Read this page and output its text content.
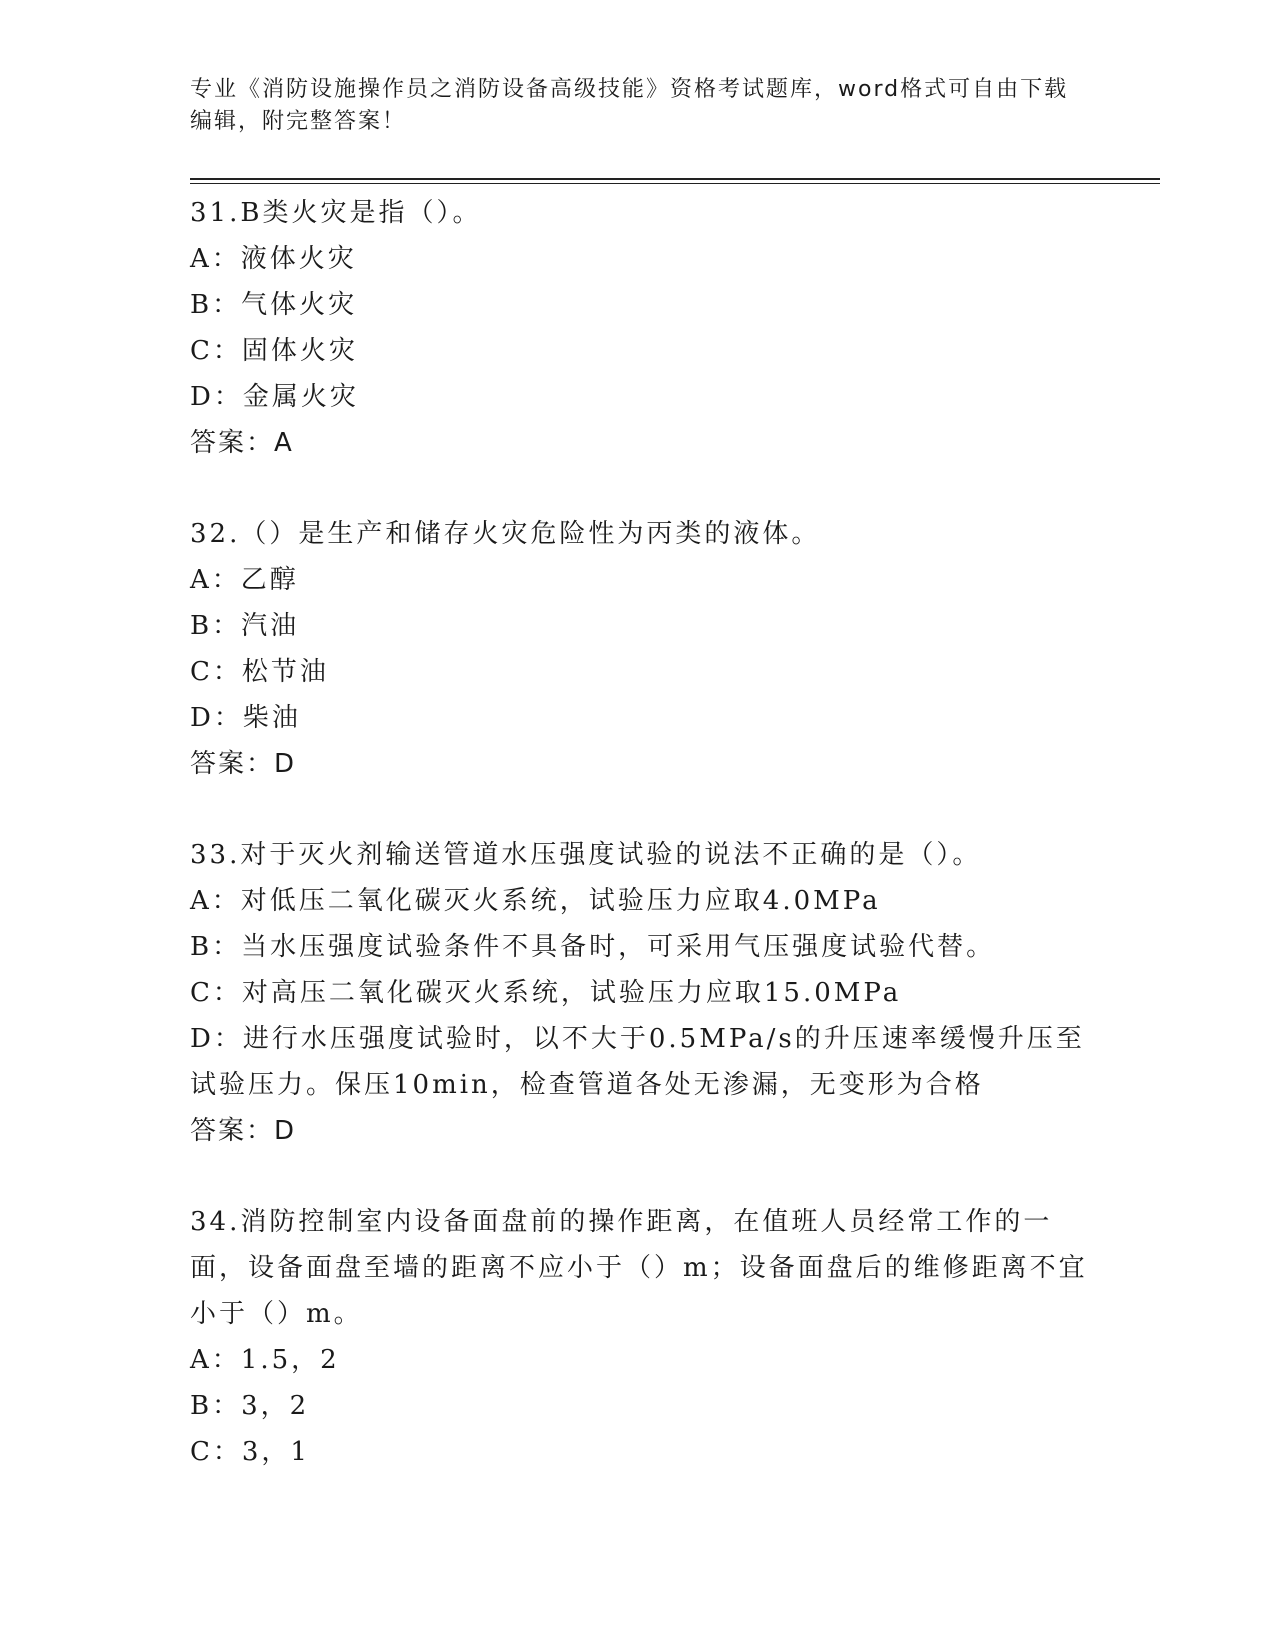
专业《消防设施操作员之消防设备高级技能》资格考试题库，word格式可自由下载编辑，附完整答案！
31.B类火灾是指（）。
A：液体火灾
B：气体火灾
C：固体火灾
D：金属火灾
答案：A
32.（）是生产和储存火灾危险性为丙类的液体。
A：乙醇
B：汽油
C：松节油
D：柴油
答案：D
33.对于灭火剂输送管道水压强度试验的说法不正确的是（）。
A：对低压二氧化碳灭火系统，试验压力应取4.0MPa
B：当水压强度试验条件不具备时，可采用气压强度试验代替。
C：对高压二氧化碳灭火系统，试验压力应取15.0MPa
D：进行水压强度试验时，以不大于0.5MPa/s的升压速率缓慢升压至试验压力。保压10min，检查管道各处无渗漏，无变形为合格
答案：D
34.消防控制室内设备面盘前的操作距离，在值班人员经常工作的一面，设备面盘至墙的距离不应小于（）m；设备面盘后的维修距离不宜小于（）m。
A：1.5，2
B：3，2
C：3，1
